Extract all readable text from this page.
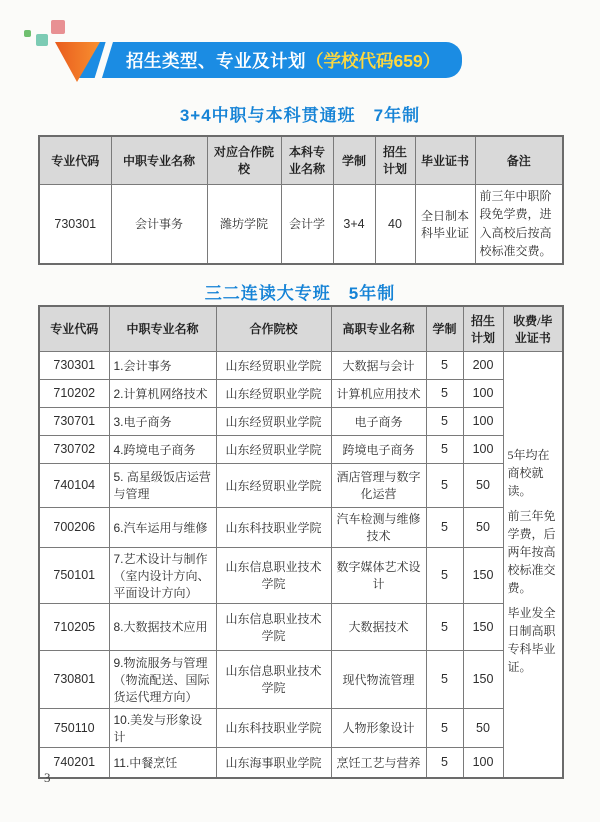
招生类型、专业及计划 （学校代码659）
3+4中职与本科贯通班　7年制
专业代码	中职专业名称	对应合作院校	本科专业名称	学制	招生计划	毕业证书	备注
730301	会计事务	潍坊学院	会计学	3+4	40	全日制本科毕业证	前三年中职阶段免学费，进入高校后按高校标准交费。
三二连读大专班　5年制
专业代码	中职专业名称	合作院校	高职专业名称	学制	招生计划	收费/毕业证书
730301	1.会计事务	山东经贸职业学院	大数据与会计	5	200	5年均在商校就读。

前三年免学费，后两年按高校标准交费。

毕业发全日制高职专科毕业证。

710202	2.计算机网络技术	山东经贸职业学院	计算机应用技术	5	100	
730701	3.电子商务	山东经贸职业学院	电子商务	5	100	
730702	4.跨境电子商务	山东经贸职业学院	跨境电子商务	5	100	
740104	5. 高星级饭店运营与管理	山东经贸职业学院	酒店管理与数字化运营	5	50	
700206	6.汽车运用与维修	山东科技职业学院	汽车检测与维修技术	5	50	
750101	7.艺术设计与制作（室内设计方向、平面设计方向）	山东信息职业技术学院	数字媒体艺术设计	5	150	
710205	8.大数据技术应用	山东信息职业技术学院	大数据技术	5	150	
730801	9.物流服务与管理（物流配送、国际货运代理方向）	山东信息职业技术学院	现代物流管理	5	150	
750110	10.美发与形象设计	山东科技职业学院	人物形象设计	5	50	
740201	11.中餐烹饪	山东海事职业学院	烹饪工艺与营养	5	100	
3
